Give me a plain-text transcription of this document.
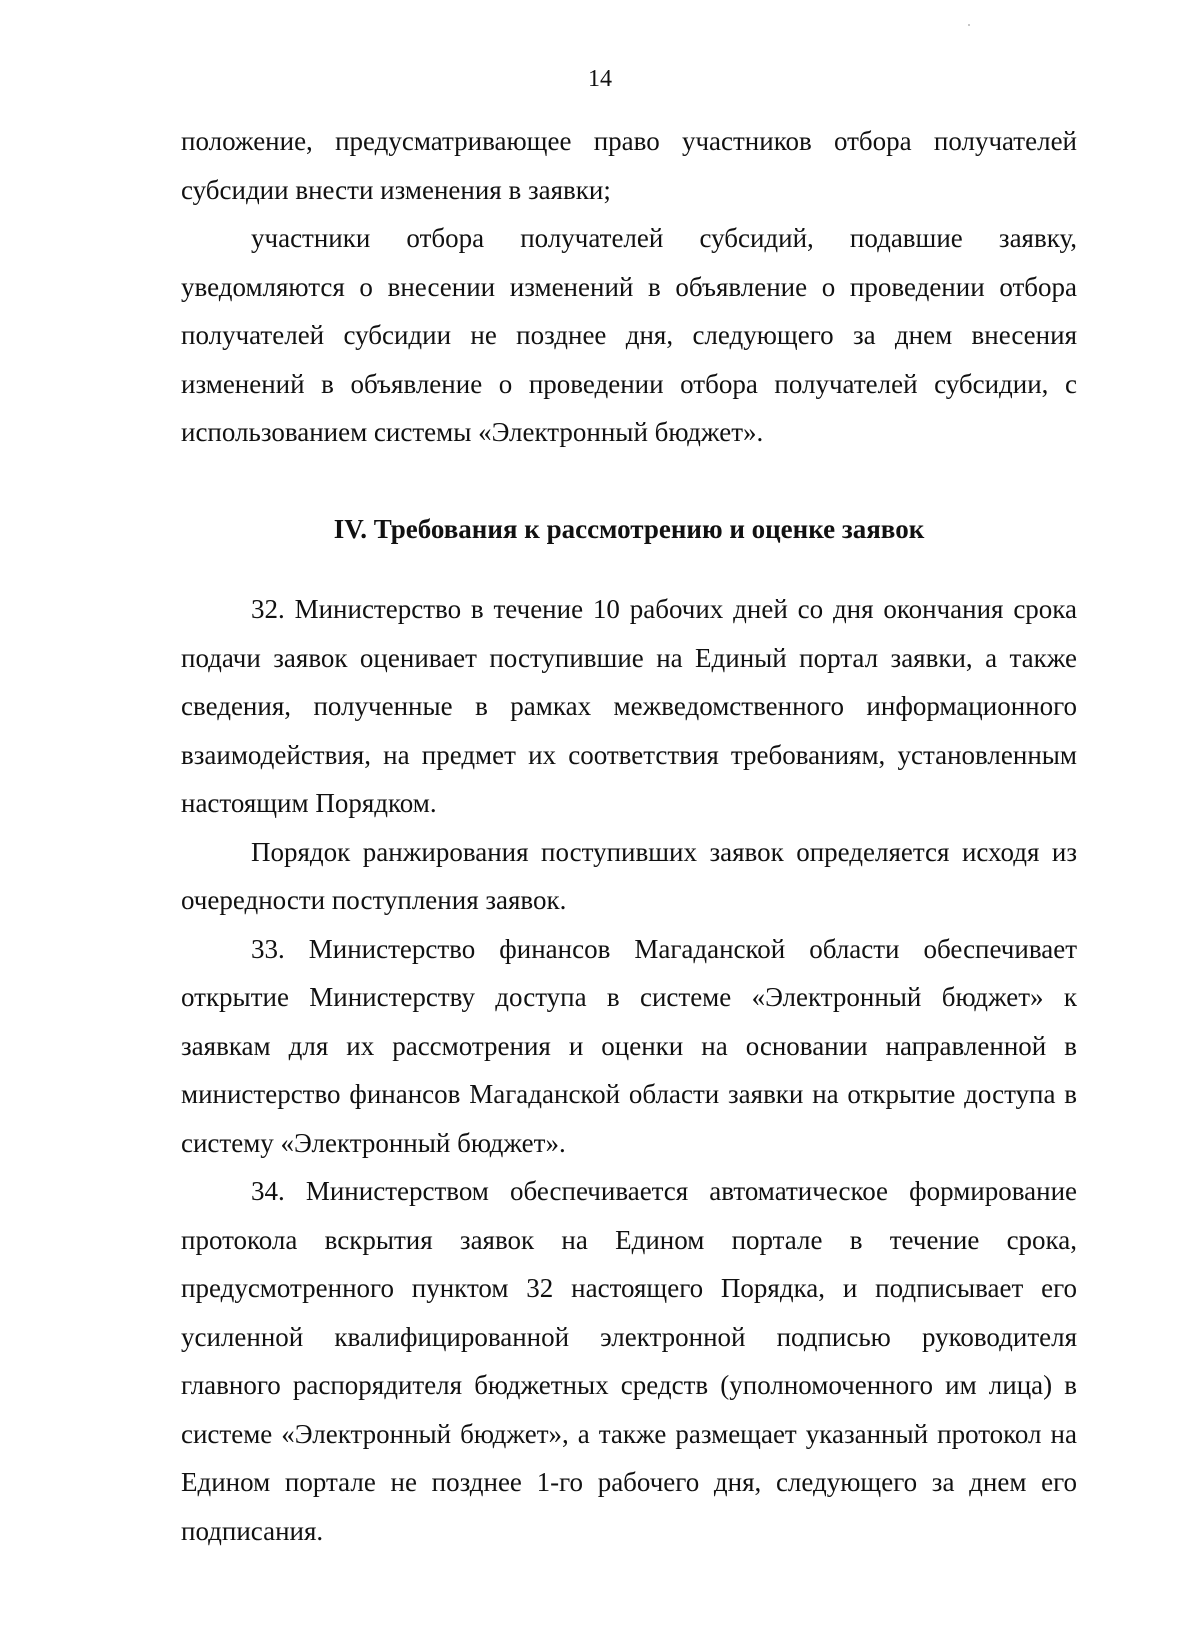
14

положение, предусматривающее право участников отбора получателей субсидии внести изменения в заявки;

участники отбора получателей субсидий, подавшие заявку, уведомляются о внесении изменений в объявление о проведении отбора получателей субсидии не позднее дня, следующего за днем внесения изменений в объявление о проведении отбора получателей субсидии, с использованием системы «Электронный бюджет».

IV. Требования к рассмотрению и оценке заявок

32. Министерство в течение 10 рабочих дней со дня окончания срока подачи заявок оценивает поступившие на Единый портал заявки, а также сведения, полученные в рамках межведомственного информационного взаимодействия, на предмет их соответствия требованиям, установленным настоящим Порядком.

Порядок ранжирования поступивших заявок определяется исходя из очередности поступления заявок.

33. Министерство финансов Магаданской области обеспечивает открытие Министерству доступа в системе «Электронный бюджет» к заявкам для их рассмотрения и оценки на основании направленной в министерство финансов Магаданской области заявки на открытие доступа в систему «Электронный бюджет».

34. Министерством обеспечивается автоматическое формирование протокола вскрытия заявок на Едином портале в течение срока, предусмотренного пунктом 32 настоящего Порядка, и подписывает его усиленной квалифицированной электронной подписью руководителя главного распорядителя бюджетных средств (уполномоченного им лица) в системе «Электронный бюджет», а также размещает указанный протокол на Едином портале не позднее 1-го рабочего дня, следующего за днем его подписания.
